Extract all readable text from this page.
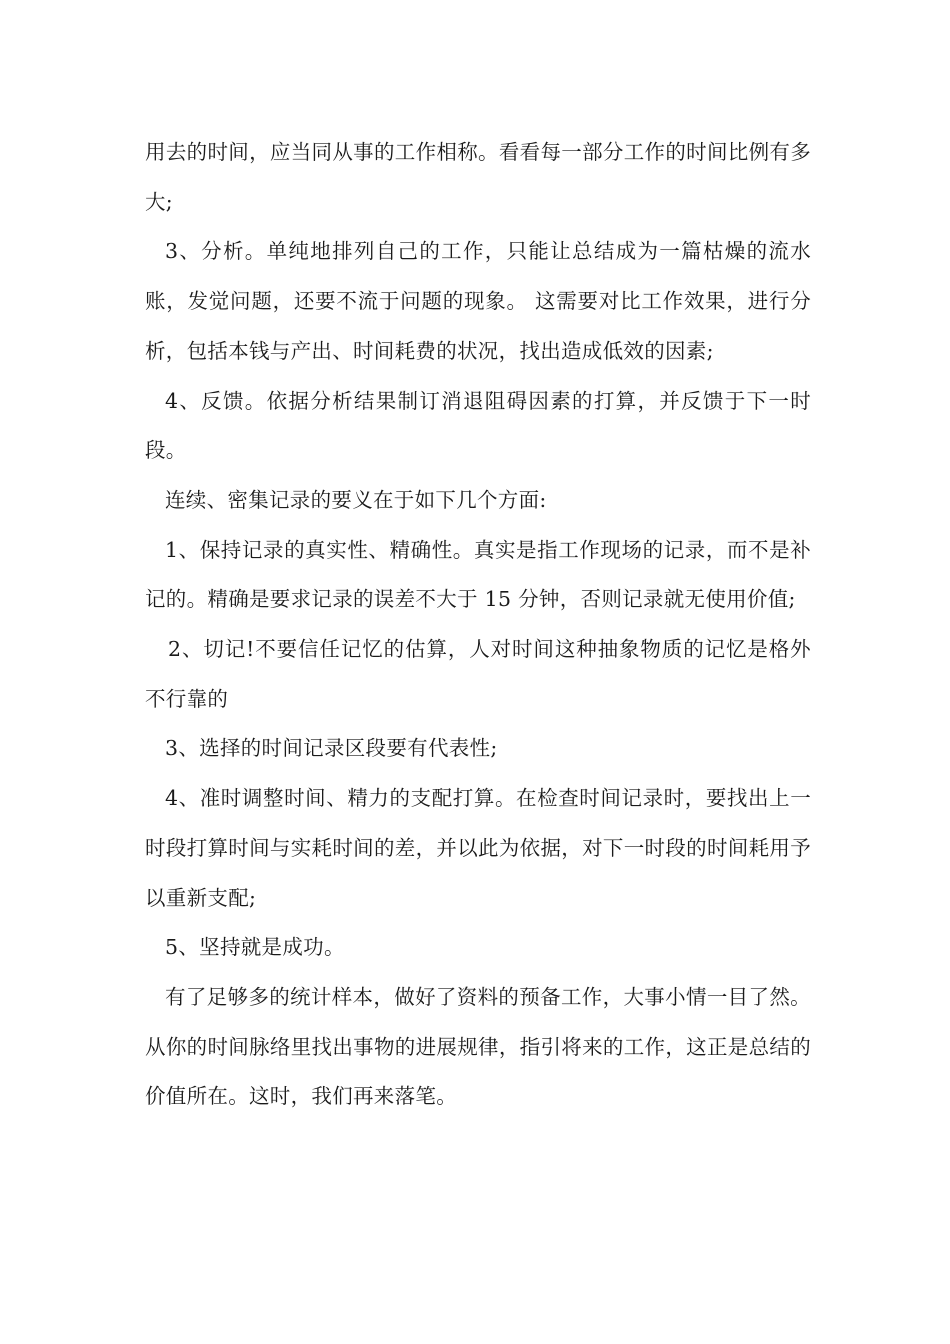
用去的时间，应当同从事的工作相称。看看每一部分工作的时间比例有多大;

3、分析。单纯地排列自己的工作，只能让总结成为一篇枯燥的流水账，发觉问题，还要不流于问题的现象。 这需要对比工作效果，进行分析，包括本钱与产出、时间耗费的状况，找出造成低效的因素;

4、反馈。依据分析结果制订消退阻碍因素的打算，并反馈于下一时段。

连续、密集记录的要义在于如下几个方面:

1、保持记录的真实性、精确性。真实是指工作现场的记录，而不是补记的。精确是要求记录的误差不大于 15 分钟，否则记录就无使用价值;

2、切记!不要信任记忆的估算，人对时间这种抽象物质的记忆是格外不行靠的

3、选择的时间记录区段要有代表性;

4、准时调整时间、精力的支配打算。在检查时间记录时，要找出上一时段打算时间与实耗时间的差，并以此为依据，对下一时段的时间耗用予以重新支配;

5、坚持就是成功。

有了足够多的统计样本，做好了资料的预备工作，大事小情一目了然。从你的时间脉络里找出事物的进展规律，指引将来的工作，这正是总结的价值所在。这时，我们再来落笔。
